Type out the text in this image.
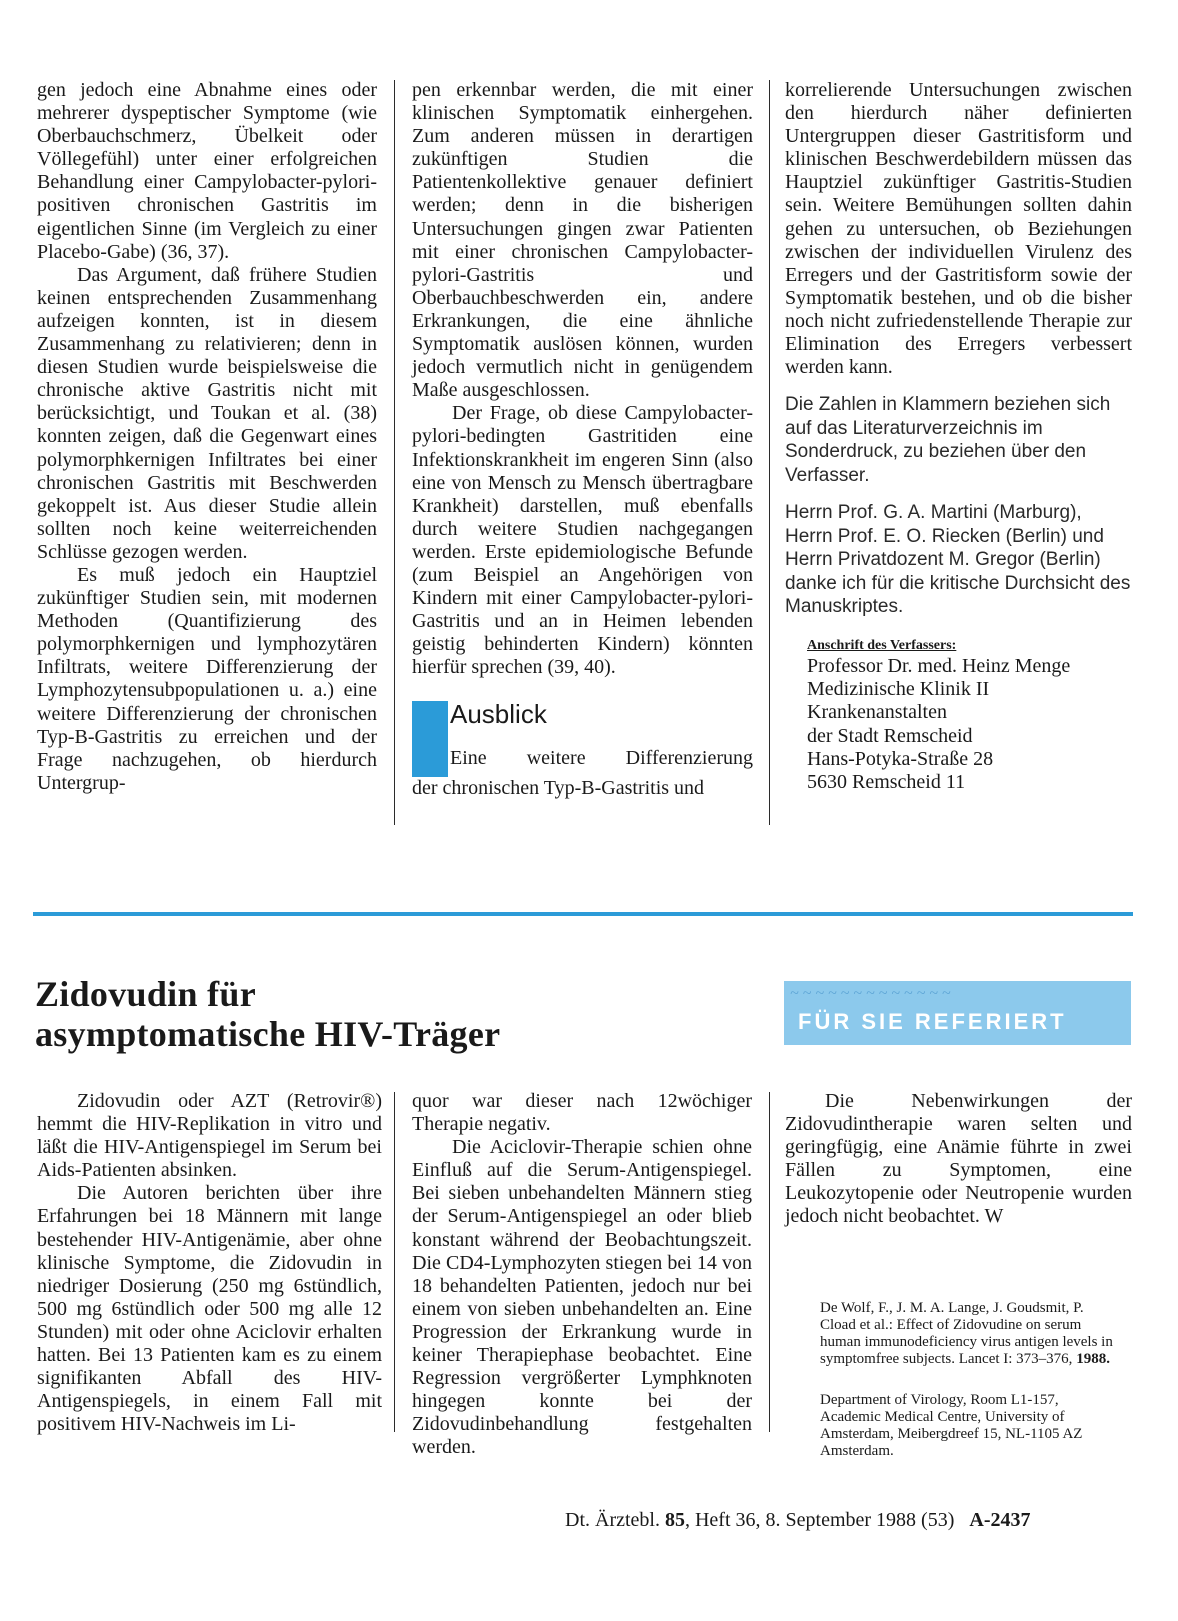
gen jedoch eine Abnahme eines oder mehrerer dyspeptischer Symptome (wie Oberbauchschmerz, Übelkeit oder Völlegefühl) unter einer erfolgreichen Behandlung einer Campylobacter-pylori-positiven chronischen Gastritis im eigentlichen Sinne (im Vergleich zu einer Placebo-Gabe) (36, 37).

Das Argument, daß frühere Studien keinen entsprechenden Zusammenhang aufzeigen konnten, ist in diesem Zusammenhang zu relativieren; denn in diesen Studien wurde beispielsweise die chronische aktive Gastritis nicht mit berücksichtigt, und Toukan et al. (38) konnten zeigen, daß die Gegenwart eines polymorphkernigen Infiltrates bei einer chronischen Gastritis mit Beschwerden gekoppelt ist. Aus dieser Studie allein sollten noch keine weiterreichenden Schlüsse gezogen werden.

Es muß jedoch ein Hauptziel zukünftiger Studien sein, mit modernen Methoden (Quantifizierung des polymorphkernigen und lymphozytären Infiltrats, weitere Differenzierung der Lymphozytensubpopulationen u. a.) eine weitere Differenzierung der chronischen Typ-B-Gastritis zu erreichen und der Frage nachzugehen, ob hierdurch Untergrup-

pen erkennbar werden, die mit einer klinischen Symptomatik einhergehen. Zum anderen müssen in derartigen zukünftigen Studien die Patientenkollektive genauer definiert werden; denn in die bisherigen Untersuchungen gingen zwar Patienten mit einer chronischen Campylobacter-pylori-Gastritis und Oberbauchbeschwerden ein, andere Erkrankungen, die eine ähnliche Symptomatik auslösen können, wurden jedoch vermutlich nicht in genügendem Maße ausgeschlossen.

Der Frage, ob diese Campylobacter-pylori-bedingten Gastritiden eine Infektionskrankheit im engeren Sinn (also eine von Mensch zu Mensch übertragbare Krankheit) darstellen, muß ebenfalls durch weitere Studien nachgegangen werden. Erste epidemiologische Befunde (zum Beispiel an Angehörigen von Kindern mit einer Campylobacter-pylori-Gastritis und an in Heimen lebenden geistig behinderten Kindern) könnten hierfür sprechen (39, 40).

Ausblick
Eine weitere Differenzierung

der chronischen Typ-B-Gastritis und

korrelierende Untersuchungen zwischen den hierdurch näher definierten Untergruppen dieser Gastritisform und klinischen Beschwerdebildern müssen das Hauptziel zukünftiger Gastritis-Studien sein. Weitere Bemühungen sollten dahin gehen zu untersuchen, ob Beziehungen zwischen der individuellen Virulenz des Erregers und der Gastritisform sowie der Symptomatik bestehen, und ob die bisher noch nicht zufriedenstellende Therapie zur Elimination des Erregers verbessert werden kann.

Die Zahlen in Klammern beziehen sich auf das Literaturverzeichnis im Sonderdruck, zu beziehen über den Verfasser.

Herrn Prof. G. A. Martini (Marburg), Herrn Prof. E. O. Riecken (Berlin) und Herrn Privatdozent M. Gregor (Berlin) danke ich für die kritische Durchsicht des Manuskriptes.

Anschrift des Verfassers:
Professor Dr. med. Heinz Menge
Medizinische Klinik II
Krankenanstalten
der Stadt Remscheid
Hans-Potyka-Straße 28
5630 Remscheid 11
Zidovudin für
asymptomatische HIV-Träger
~ ~ ~ ~ ~ ~ ~ ~ ~ ~ ~ ~ ~
FÜR SIE REFERIERT

Zidovudin oder AZT (Retrovir®) hemmt die HIV-Replikation in vitro und läßt die HIV-Antigenspiegel im Serum bei Aids-Patienten absinken.

Die Autoren berichten über ihre Erfahrungen bei 18 Männern mit lange bestehender HIV-Antigenämie, aber ohne klinische Symptome, die Zidovudin in niedriger Dosierung (250 mg 6stündlich, 500 mg 6stündlich oder 500 mg alle 12 Stunden) mit oder ohne Aciclovir erhalten hatten. Bei 13 Patienten kam es zu einem signifikanten Abfall des HIV-Antigenspiegels, in einem Fall mit positivem HIV-Nachweis im Li-

quor war dieser nach 12wöchiger Therapie negativ.

Die Aciclovir-Therapie schien ohne Einfluß auf die Serum-Antigenspiegel. Bei sieben unbehandelten Männern stieg der Serum-Antigenspiegel an oder blieb konstant während der Beobachtungszeit. Die CD4-Lymphozyten stiegen bei 14 von 18 behandelten Patienten, jedoch nur bei einem von sieben unbehandelten an. Eine Progression der Erkrankung wurde in keiner Therapiephase beobachtet. Eine Regression vergrößerter Lymphknoten hingegen konnte bei der Zidovudinbehandlung festgehalten werden.

Die Nebenwirkungen der Zidovudintherapie waren selten und geringfügig, eine Anämie führte in zwei Fällen zu Symptomen, eine Leukozytopenie oder Neutropenie wurden jedoch nicht beobachtet. W

De Wolf, F., J. M. A. Lange, J. Goudsmit, P. Cload et al.: Effect of Zidovudine on serum human immunodeficiency virus antigen levels in symptomfree subjects. Lancet I: 373–376, 1988.
Department of Virology, Room L1-157, Academic Medical Centre, University of Amsterdam, Meibergdreef 15, NL-1105 AZ Amsterdam.
Dt. Ärztebl. 85, Heft 36, 8. September 1988 (53) A-2437
